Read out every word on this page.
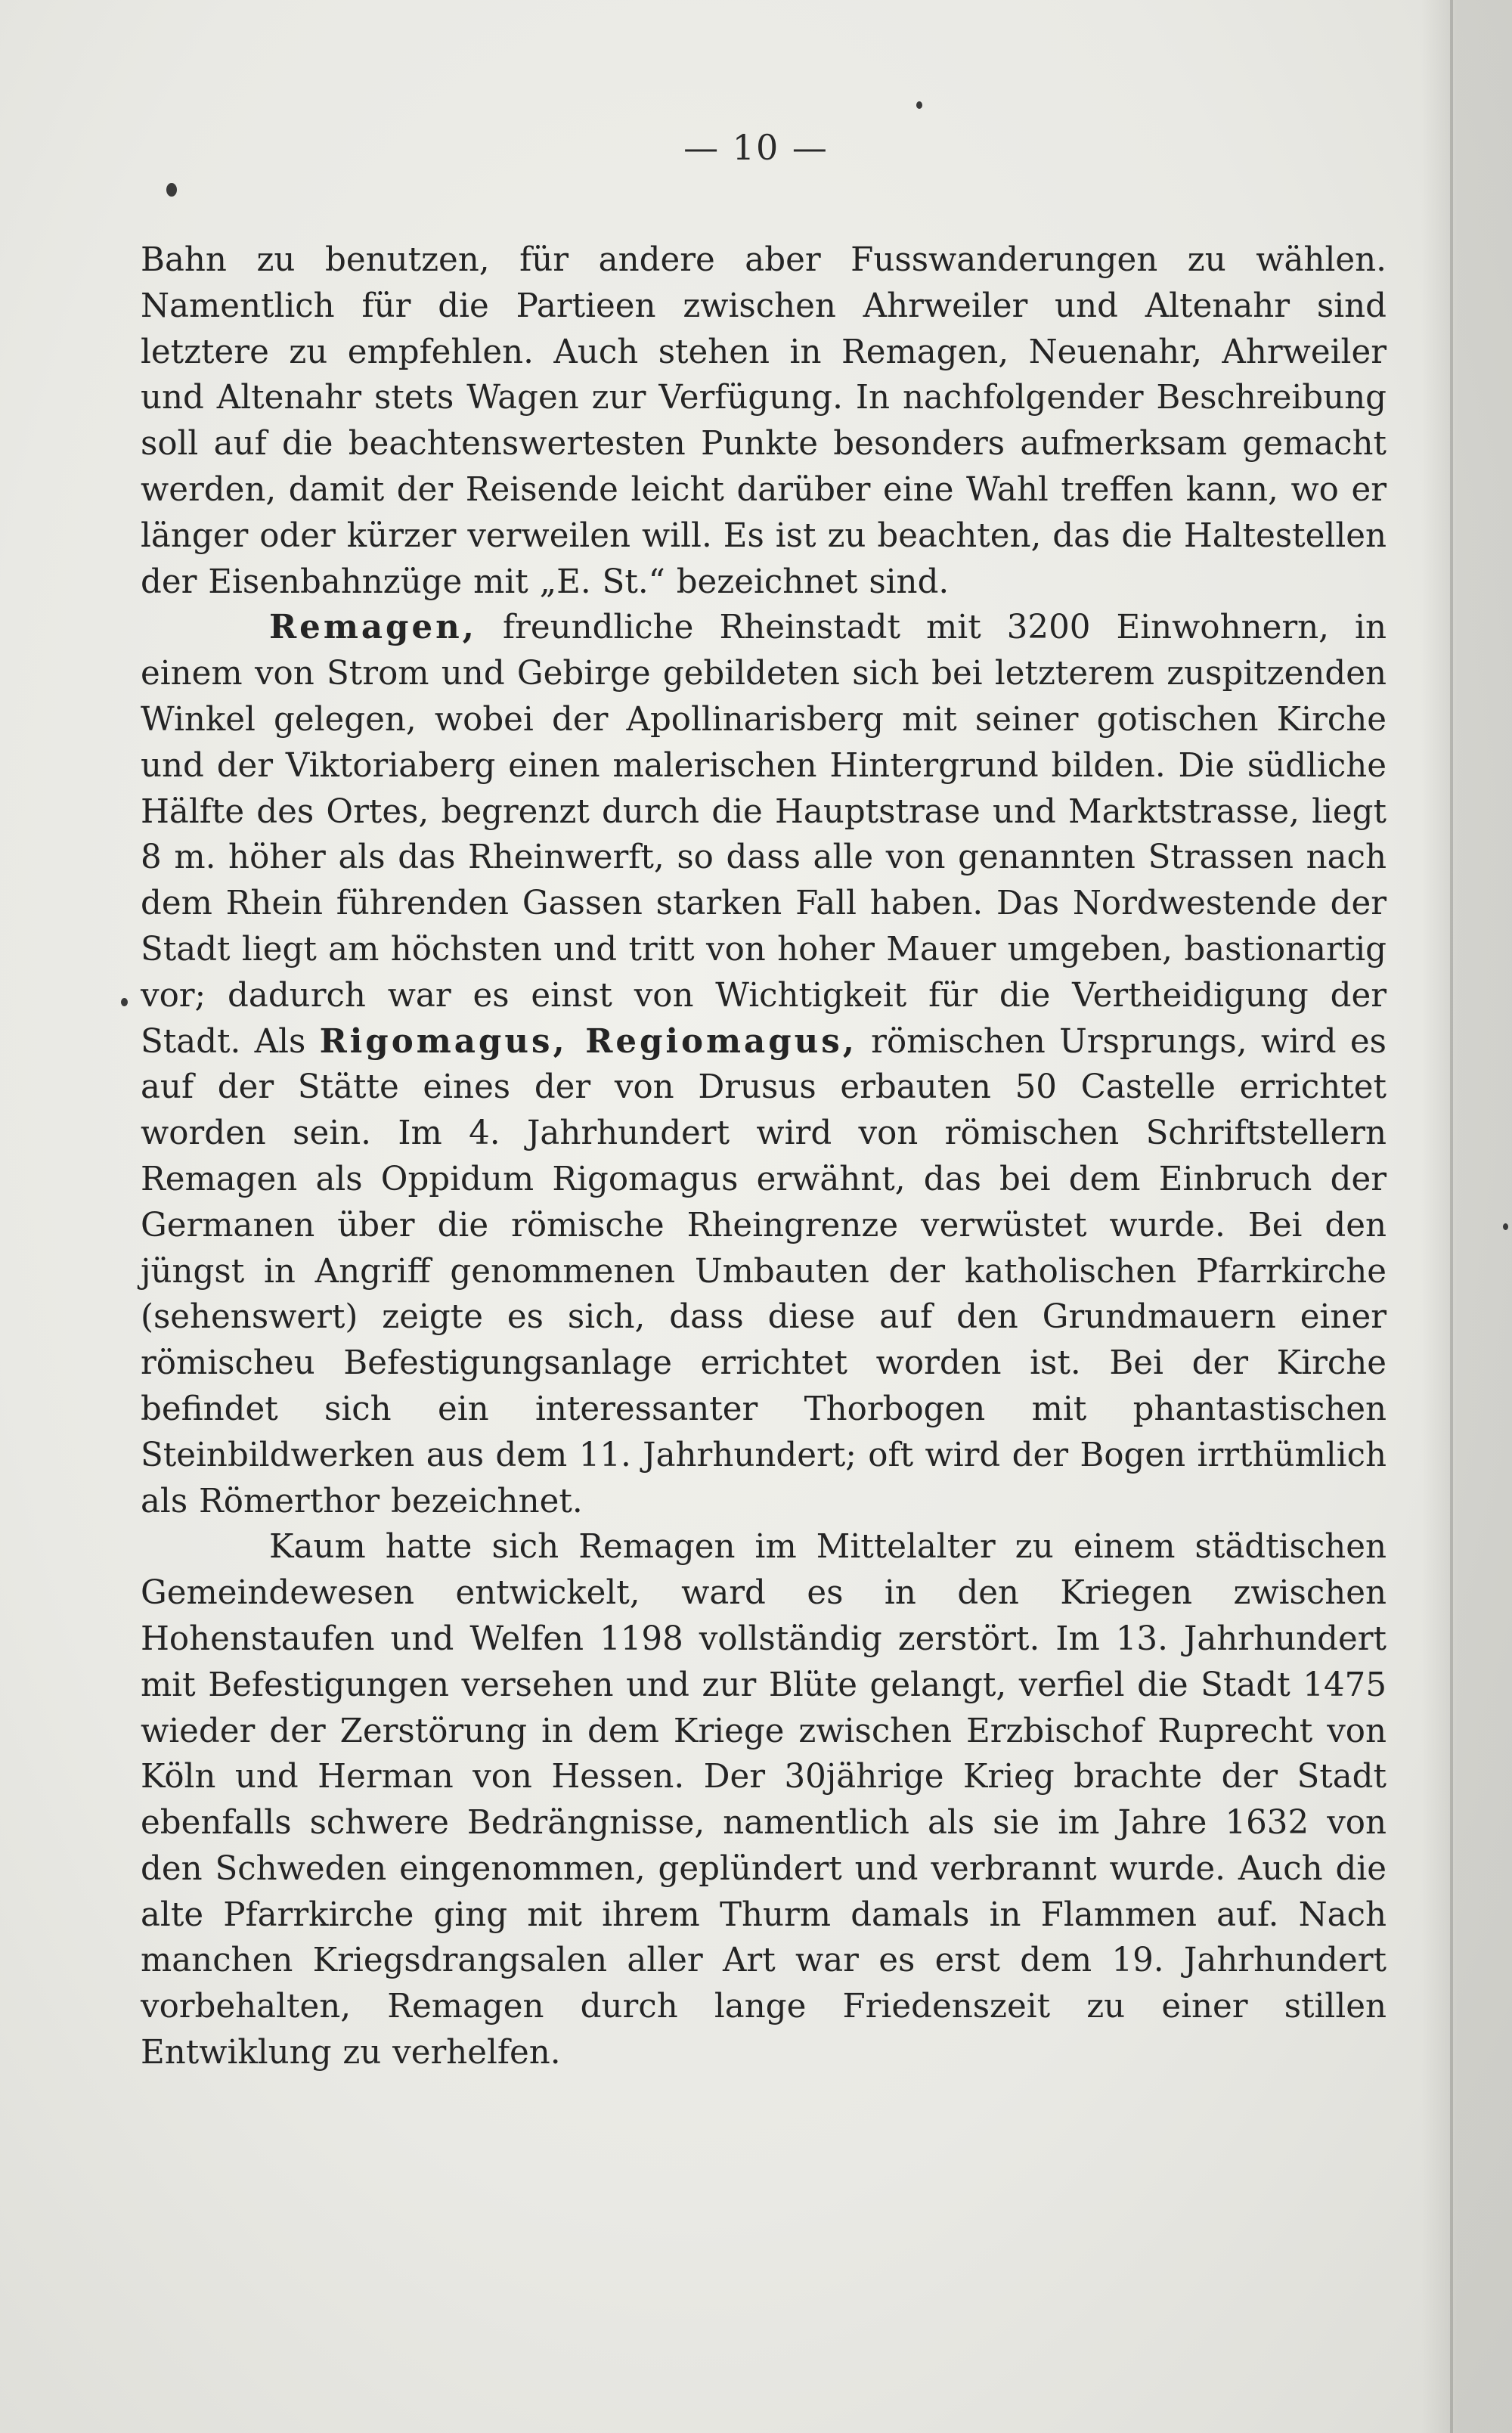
— 10 —

Bahn zu benutzen, für andere aber Fusswanderungen zu wählen. Namentlich für die Partieen zwischen Ahrweiler und Altenahr sind letztere zu empfehlen. Auch stehen in Remagen, Neuenahr, Ahrweiler und Altenahr stets Wagen zur Verfügung. In nachfolgender Beschreibung soll auf die beachtenswertesten Punkte besonders aufmerksam gemacht werden, damit der Reisende leicht darüber eine Wahl treffen kann, wo er länger oder kürzer verweilen will. Es ist zu beachten, das die Haltestellen der Eisenbahnzüge mit „E. St.“ bezeichnet sind.

Remagen, freundliche Rheinstadt mit 3200 Einwohnern, in einem von Strom und Gebirge gebildeten sich bei letzterem zuspitzenden Winkel gelegen, wobei der Apollinarisberg mit seiner gotischen Kirche und der Viktoriaberg einen malerischen Hintergrund bilden. Die südliche Hälfte des Ortes, begrenzt durch die Hauptstrase und Marktstrasse, liegt 8 m. höher als das Rheinwerft, so dass alle von genannten Strassen nach dem Rhein führenden Gassen starken Fall haben. Das Nordwestende der Stadt liegt am höchsten und tritt von hoher Mauer umgeben, bastionartig vor; dadurch war es einst von Wichtigkeit für die Vertheidigung der Stadt. Als Rigomagus, Regiomagus, römischen Ursprungs, wird es auf der Stätte eines der von Drusus erbauten 50 Castelle errichtet worden sein. Im 4. Jahrhundert wird von römischen Schriftstellern Remagen als Oppidum Rigomagus erwähnt, das bei dem Einbruch der Germanen über die römische Rheingrenze verwüstet wurde. Bei den jüngst in Angriff genommenen Umbauten der katholischen Pfarrkirche (sehenswert) zeigte es sich, dass diese auf den Grundmauern einer römischeu Befestigungsanlage errichtet worden ist. Bei der Kirche befindet sich ein interessanter Thorbogen mit phantastischen Steinbildwerken aus dem 11. Jahrhundert; oft wird der Bogen irrthümlich als Römerthor bezeichnet.

Kaum hatte sich Remagen im Mittelalter zu einem städtischen Gemeindewesen entwickelt, ward es in den Kriegen zwischen Hohenstaufen und Welfen 1198 vollständig zerstört. Im 13. Jahrhundert mit Befestigungen versehen und zur Blüte gelangt, verfiel die Stadt 1475 wieder der Zerstörung in dem Kriege zwischen Erzbischof Ruprecht von Köln und Herman von Hessen. Der 30jährige Krieg brachte der Stadt ebenfalls schwere Bedrängnisse, namentlich als sie im Jahre 1632 von den Schweden eingenommen, geplündert und verbrannt wurde. Auch die alte Pfarrkirche ging mit ihrem Thurm damals in Flammen auf. Nach manchen Kriegsdrangsalen aller Art war es erst dem 19. Jahrhundert vorbehalten, Remagen durch lange Friedenszeit zu einer stillen Entwiklung zu verhelfen.
